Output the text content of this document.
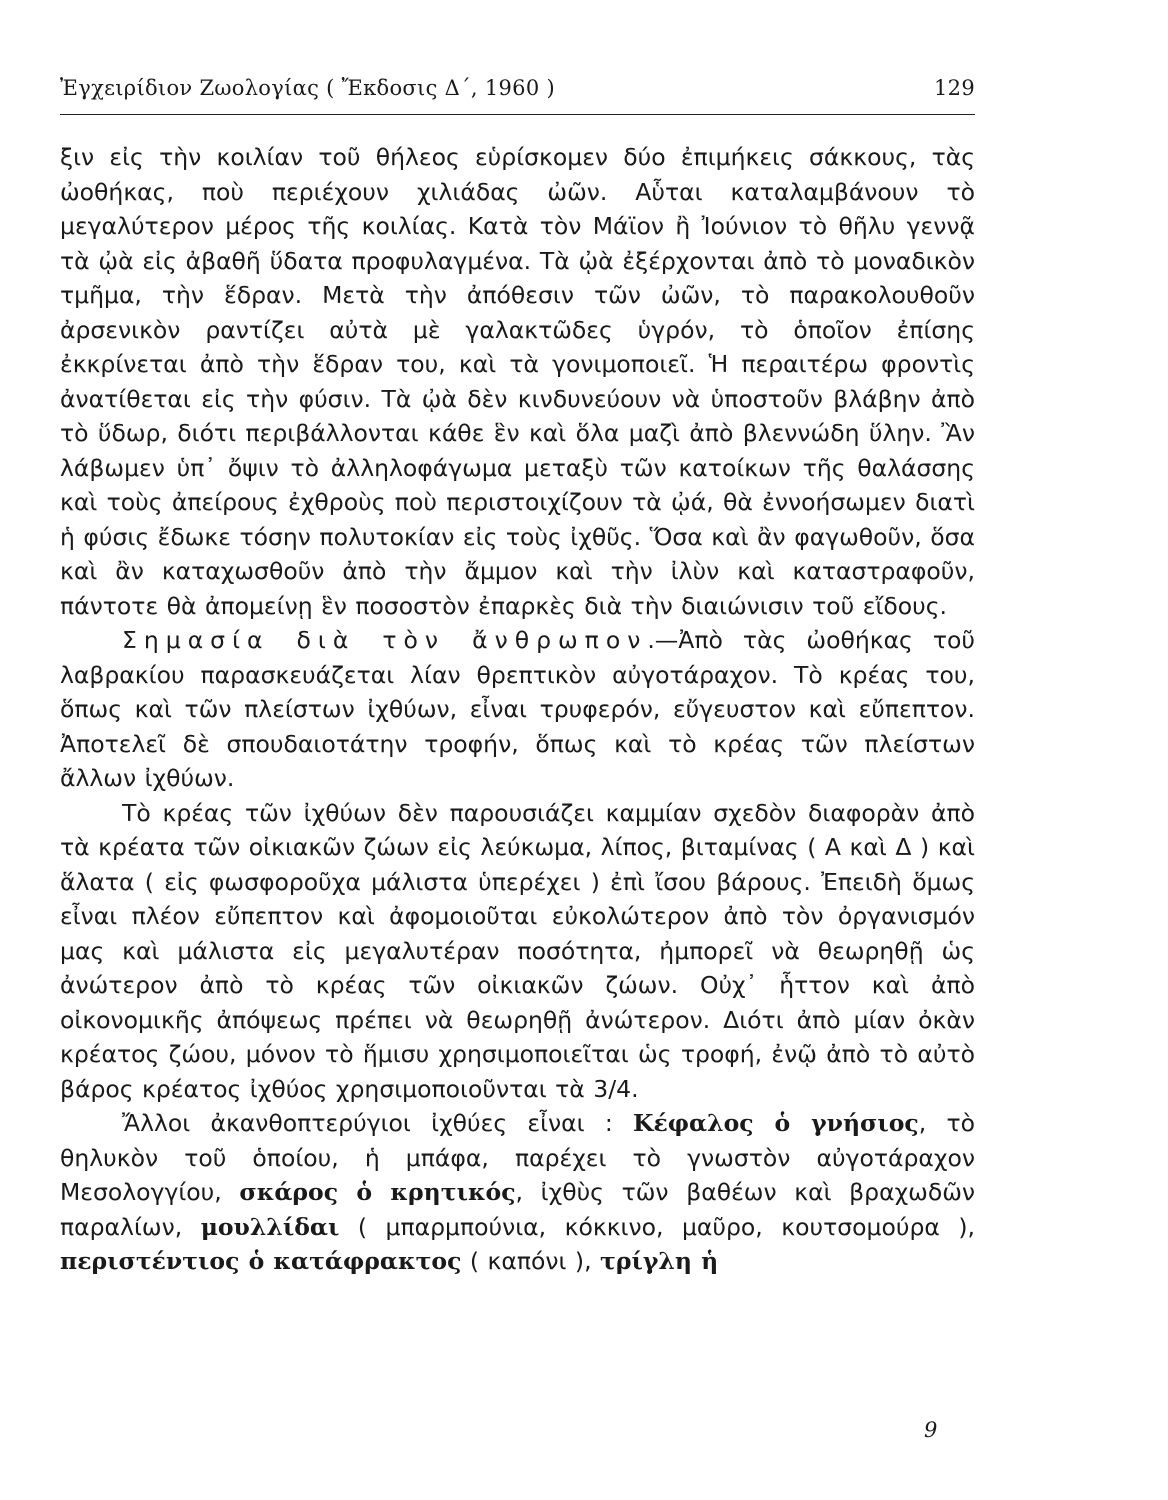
Ἐγχειρίδιον Ζωολογίας ( Ἔκδοσις Δ΄, 1960 )	129

ξιν εἰς τὴν κοιλίαν τοῦ θήλεος εὑρίσκομεν δύο ἐπιμήκεις σάκκους, τὰς ὠοθήκας, ποὺ περιέχουν χιλιάδας ὠῶν. Αὗται καταλαμβάνουν τὸ μεγαλύτερον μέρος τῆς κοιλίας. Κατὰ τὸν Μάϊον ἢ Ἰούνιον τὸ θῆλυ γεννᾷ τὰ ᾠὰ εἰς ἀβαθῆ ὕδατα προφυλαγμένα. Τὰ ᾠὰ ἐξέρχονται ἀπὸ τὸ μοναδικὸν τμῆμα, τὴν ἕδραν. Μετὰ τὴν ἀπόθεσιν τῶν ὠῶν, τὸ παρακολουθοῦν ἀρσενικὸν ραντίζει αὐτὰ μὲ γαλακτῶδες ὑγρόν, τὸ ὁποῖον ἐπίσης ἐκκρίνεται ἀπὸ τὴν ἕδραν του, καὶ τὰ γονιμοποιεῖ. Ἡ περαιτέρω φροντὶς ἀνατίθεται εἰς τὴν φύσιν. Τὰ ᾠὰ δὲν κινδυνεύουν νὰ ὑποστοῦν βλάβην ἀπὸ τὸ ὕδωρ, διότι περιβάλλονται κάθε ἓν καὶ ὅλα μαζὶ ἀπὸ βλεννώδη ὕλην. Ἂν λάβωμεν ὑπ᾽ ὄψιν τὸ ἀλληλοφάγωμα μεταξὺ τῶν κατοίκων τῆς θαλάσσης καὶ τοὺς ἀπείρους ἐχθροὺς ποὺ περιστοιχίζουν τὰ ᾠά, θὰ ἐννοήσωμεν διατὶ ἡ φύσις ἔδωκε τόσην πολυτοκίαν εἰς τοὺς ἰχθῦς. Ὅσα καὶ ἂν φαγωθοῦν, ὅσα καὶ ἂν καταχωσθοῦν ἀπὸ τὴν ἄμμον καὶ τὴν ἰλὺν καὶ καταστραφοῦν, πάντοτε θὰ ἀπομείνῃ ἓν ποσοστὸν ἐπαρκὲς διὰ τὴν διαιώνισιν τοῦ εἴδους.

Σημασία διὰ τὸν ἄνθρωπον.—Ἀπὸ τὰς ὠοθήκας τοῦ λαβρακίου παρασκευάζεται λίαν θρεπτικὸν αὐγοτάραχον. Τὸ κρέας του, ὅπως καὶ τῶν πλείστων ἰχθύων, εἶναι τρυφερόν, εὔγευστον καὶ εὔπεπτον. Ἀποτελεῖ δὲ σπουδαιοτάτην τροφήν, ὅπως καὶ τὸ κρέας τῶν πλείστων ἄλλων ἰχθύων.

Τὸ κρέας τῶν ἰχθύων δὲν παρουσιάζει καμμίαν σχεδὸν διαφορὰν ἀπὸ τὰ κρέατα τῶν οἰκιακῶν ζώων εἰς λεύκωμα, λίπος, βιταμίνας ( Α καὶ Δ ) καὶ ἅλατα ( εἰς φωσφοροῦχα μάλιστα ὑπερέχει ) ἐπὶ ἴσου βάρους. Ἐπειδὴ ὅμως εἶναι πλέον εὔπεπτον καὶ ἀφομοιοῦται εὐκολώτερον ἀπὸ τὸν ὀργανισμόν μας καὶ μάλιστα εἰς μεγαλυτέραν ποσότητα, ἠμπορεῖ νὰ θεωρηθῇ ὡς ἀνώτερον ἀπὸ τὸ κρέας τῶν οἰκιακῶν ζώων. Οὐχ᾽ ἧττον καὶ ἀπὸ οἰκονομικῆς ἀπόψεως πρέπει νὰ θεωρηθῇ ἀνώτερον. Διότι ἀπὸ μίαν ὀκὰν κρέατος ζώου, μόνον τὸ ἥμισυ χρησιμοποιεῖται ὡς τροφή, ἐνῷ ἀπὸ τὸ αὐτὸ βάρος κρέατος ἰχθύος χρησιμοποιοῦνται τὰ 3/4.

Ἄλλοι ἀκανθοπτερύγιοι ἰχθύες εἶναι : Κέφαλος ὁ γνήσιος, τὸ θηλυκὸν τοῦ ὁποίου, ἡ μπάφα, παρέχει τὸ γνωστὸν αὐγοτάραχον Μεσολογγίου, σκάρος ὁ κρητικός, ἰχθὺς τῶν βαθέων καὶ βραχωδῶν παραλίων, μουλλίδαι ( μπαρμπούνια, κόκκινο, μαῦρο, κουτσομούρα ), περιστέντιος ὁ κατάφρακτος ( καπόνι ), τρίγλη ἡ

9
